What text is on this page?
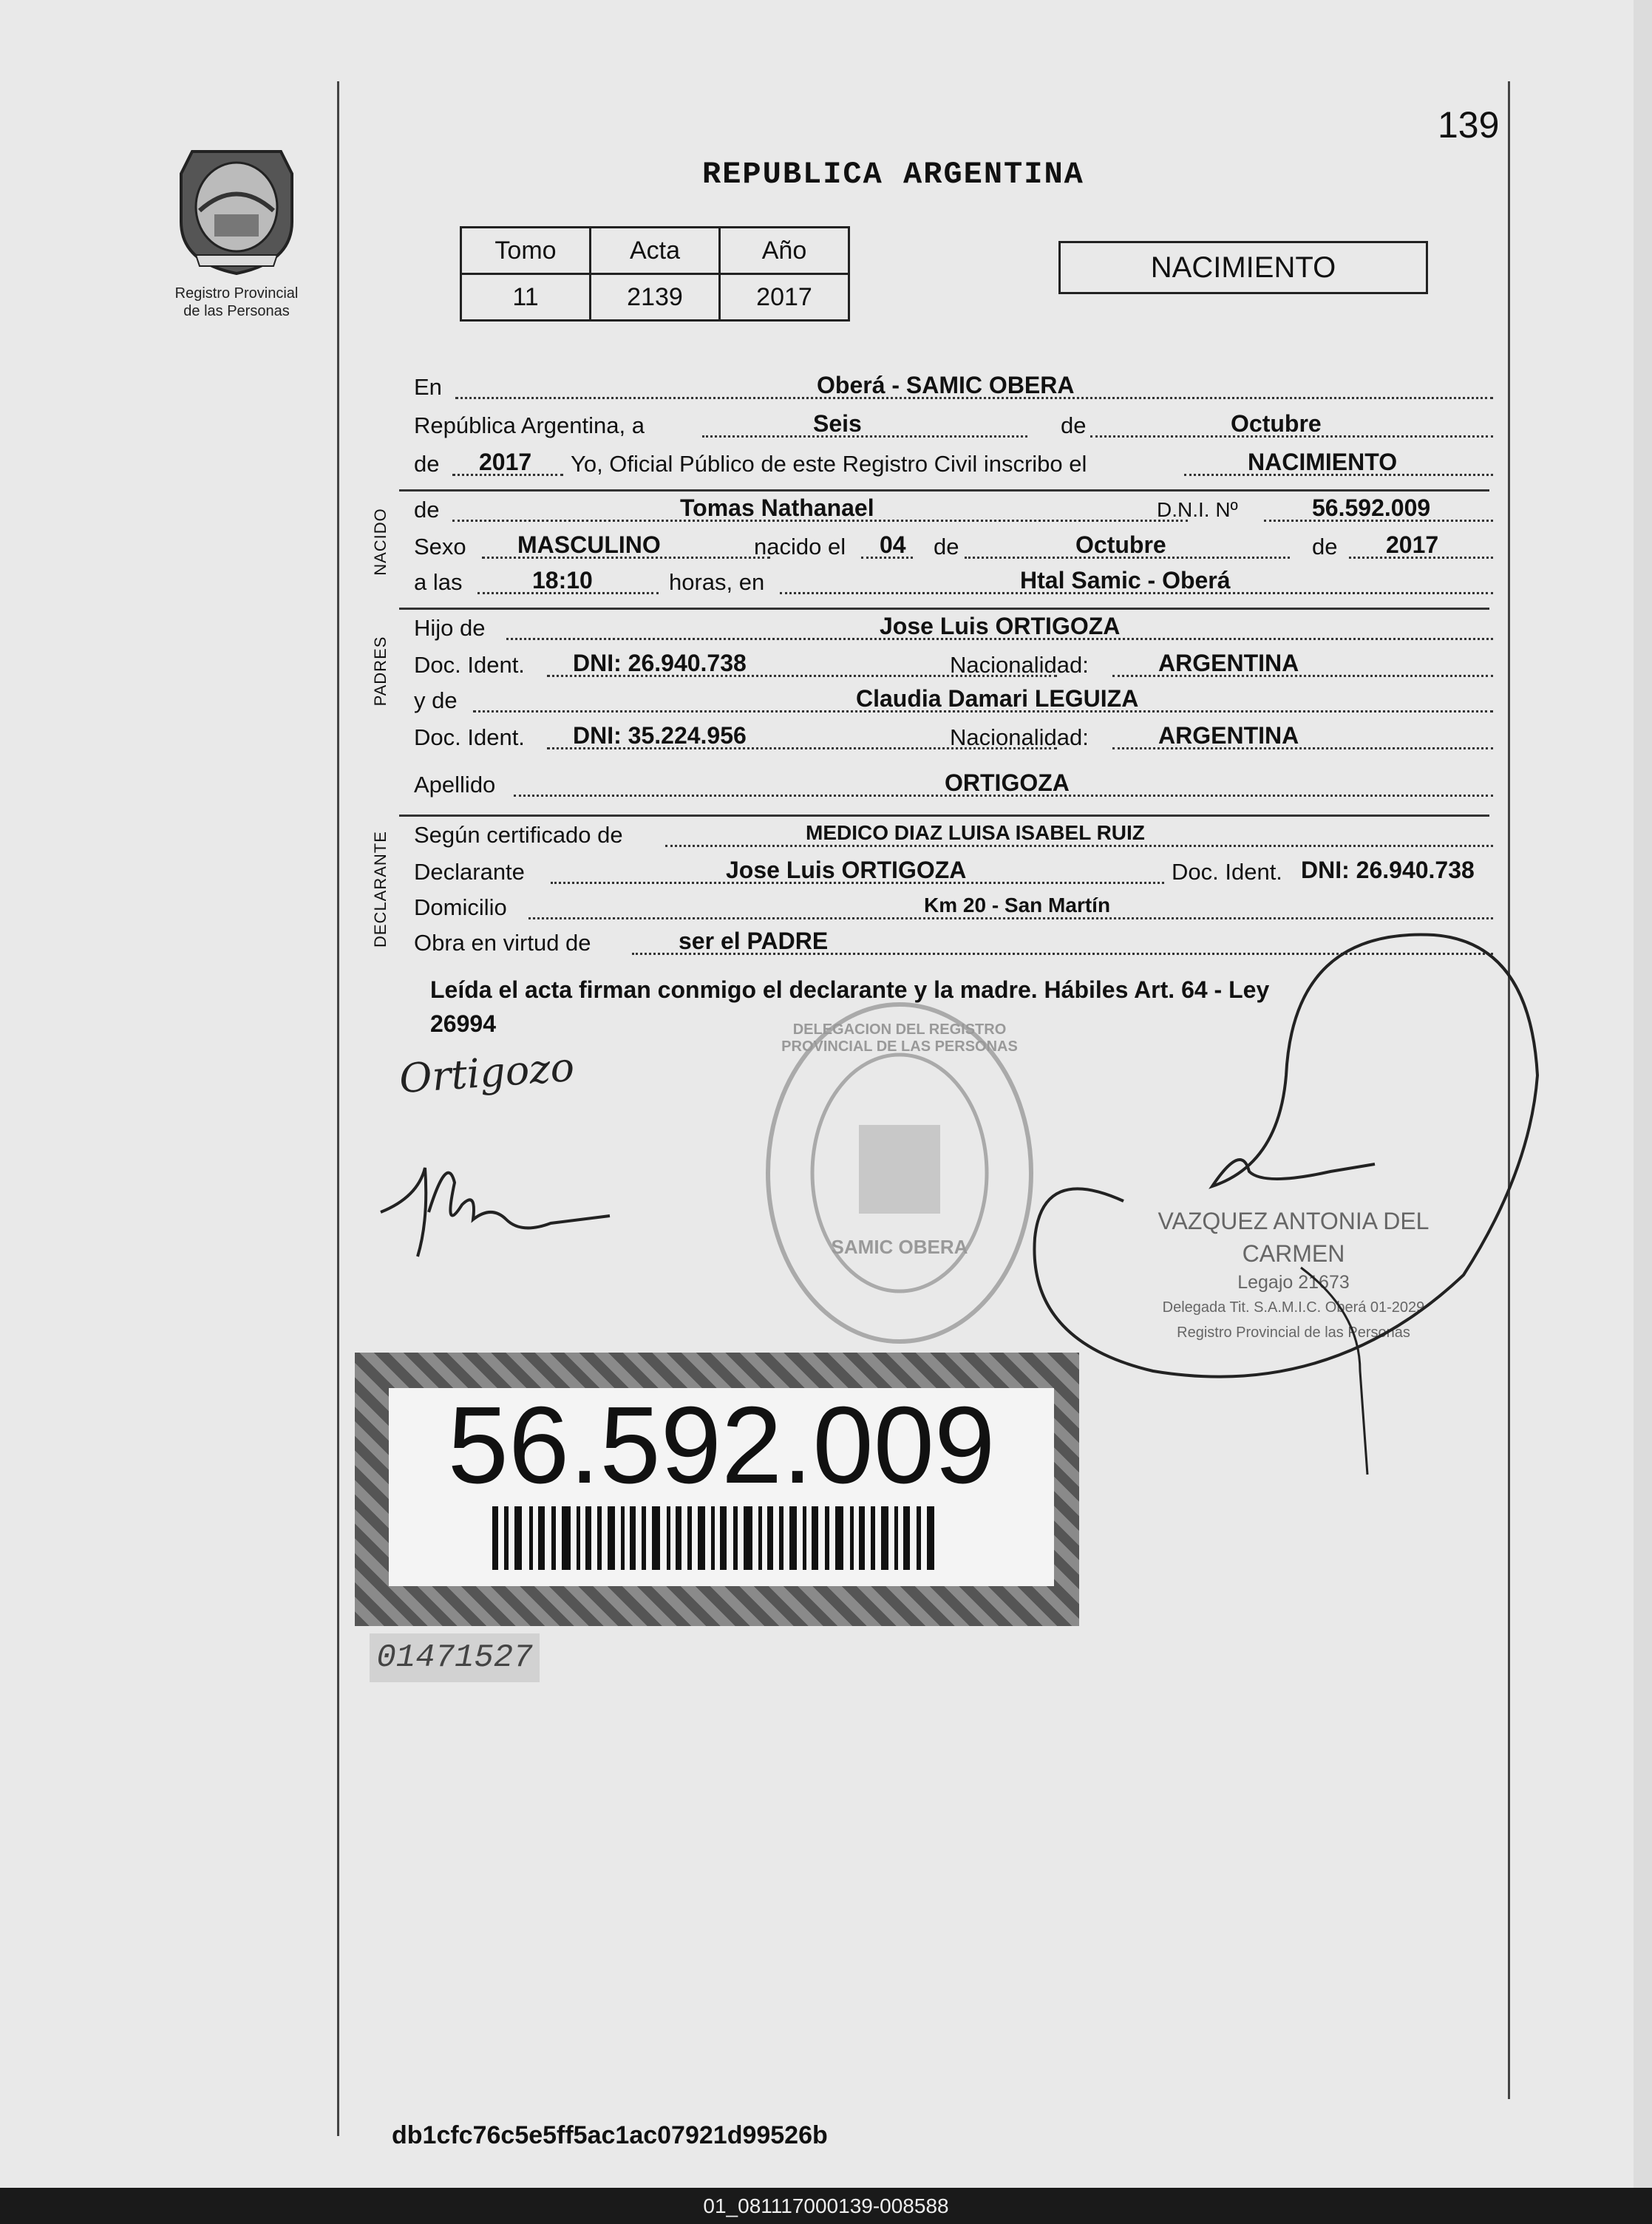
139
REPUBLICA ARGENTINA
Registro Provincial
de las Personas
Tomo	Acta	Año
11	2139	2017
NACIMIENTO
En	Oberá - SAMIC OBERA
República Argentina, a	Seis	de	Octubre
de 2017 Yo, Oficial Público de este Registro Civil inscribo el	NACIMIENTO
NACIDO de	Tomas Nathanael	D.N.I. Nº	56.592.009
Sexo MASCULINO	nacido el 04 de	Octubre	de 2017
a las	18:10	horas, en	Htal Samic - Oberá
PADRES
Hijo de	Jose Luis ORTIGOZA
Doc. Ident. DNI: 26.940.738	Nacionalidad:	ARGENTINA
y de	Claudia Damari LEGUIZA
Doc. Ident. DNI: 35.224.956	Nacionalidad:	ARGENTINA
Apellido	ORTIGOZA
DECLARANTE Según certificado de	MEDICO DIAZ LUISA ISABEL RUIZ
Declarante	Jose Luis ORTIGOZA	Doc. Ident. DNI: 26.940.738
Domicilio	Km 20 - San Martín
Obra en virtud de	ser el PADRE
Leída el acta firman conmigo el declarante y la madre. Hábiles Art. 64 - Ley
26994
Ortigozo
DELEGACION DEL REGISTRO PROVINCIAL DE LAS PERSONAS
SAMIC OBERA
VAZQUEZ ANTONIA DEL CARMEN
Legajo 21673
Delegada Tit. S.A.M.I.C. Oberá 01-2029
Registro Provincial de las Personas
56.592.009
01471527
db1cfc76c5e5ff5ac1ac07921d99526b
01_081117000139-008588
